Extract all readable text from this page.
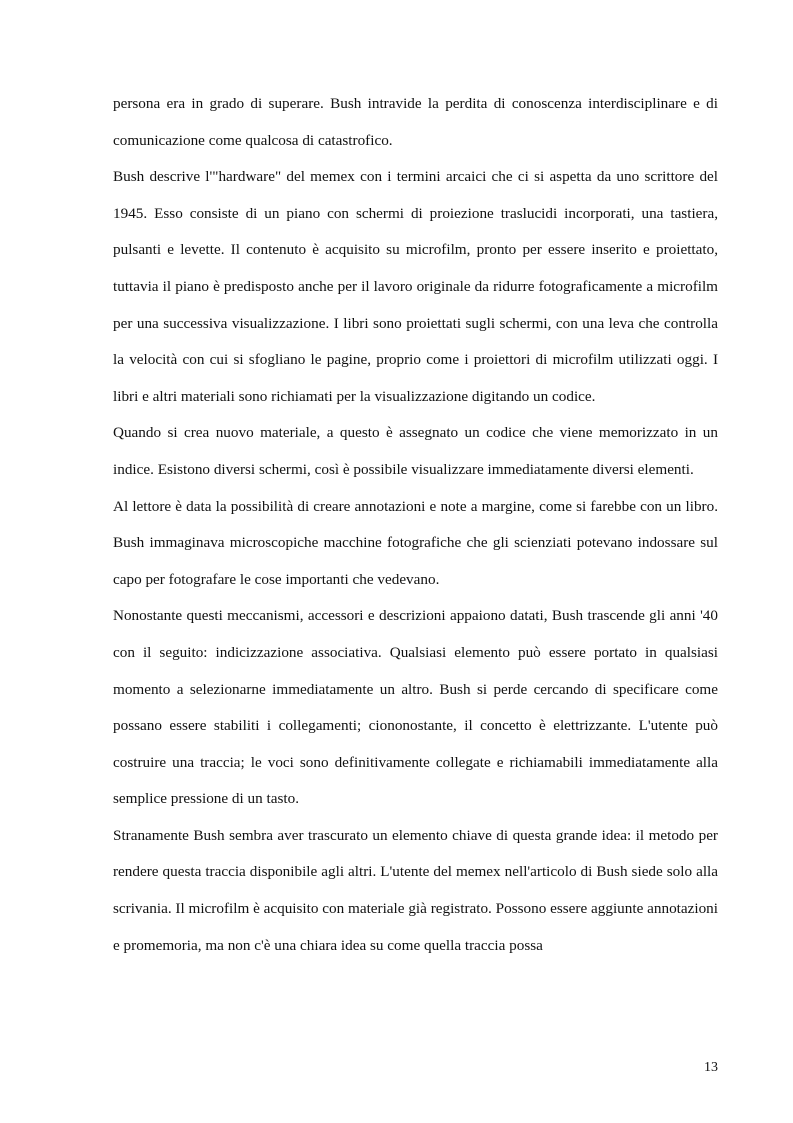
persona era in grado di superare. Bush intravide la perdita di conoscenza interdisciplinare e di comunicazione come qualcosa di catastrofico.

Bush descrive l'"hardware" del memex con i termini arcaici che ci si aspetta da uno scrittore del 1945. Esso consiste di un piano con schermi di proiezione traslucidi incorporati, una tastiera, pulsanti e levette. Il contenuto è acquisito su microfilm, pronto per essere inserito e proiettato, tuttavia il piano è predisposto anche per il lavoro originale da ridurre fotograficamente a microfilm per una successiva visualizzazione. I libri sono proiettati sugli schermi, con una leva che controlla la velocità con cui si sfogliano le pagine, proprio come i proiettori di microfilm utilizzati oggi. I libri e altri materiali sono richiamati per la visualizzazione digitando un codice.

Quando si crea nuovo materiale, a questo è assegnato un codice che viene memorizzato in un indice. Esistono diversi schermi, così è possibile visualizzare immediatamente diversi elementi.

Al lettore è data la possibilità di creare annotazioni e note a margine, come si farebbe con un libro. Bush immaginava microscopiche macchine fotografiche che gli scienziati potevano indossare sul capo per fotografare le cose importanti che vedevano.

Nonostante questi meccanismi, accessori e descrizioni appaiono datati, Bush trascende gli anni '40 con il seguito: indicizzazione associativa. Qualsiasi elemento può essere portato in qualsiasi momento a selezionarne immediatamente un altro. Bush si perde cercando di specificare come possano essere stabiliti i collegamenti; ciononostante, il concetto è elettrizzante. L'utente può costruire una traccia; le voci sono definitivamente collegate e richiamabili immediatamente alla semplice pressione di un tasto.

Stranamente Bush sembra aver trascurato un elemento chiave di questa grande idea: il metodo per rendere questa traccia disponibile agli altri. L'utente del memex nell'articolo di Bush siede solo alla scrivania. Il microfilm è acquisito con materiale già registrato. Possono essere aggiunte annotazioni e promemoria, ma non c'è una chiara idea su come quella traccia possa

13
